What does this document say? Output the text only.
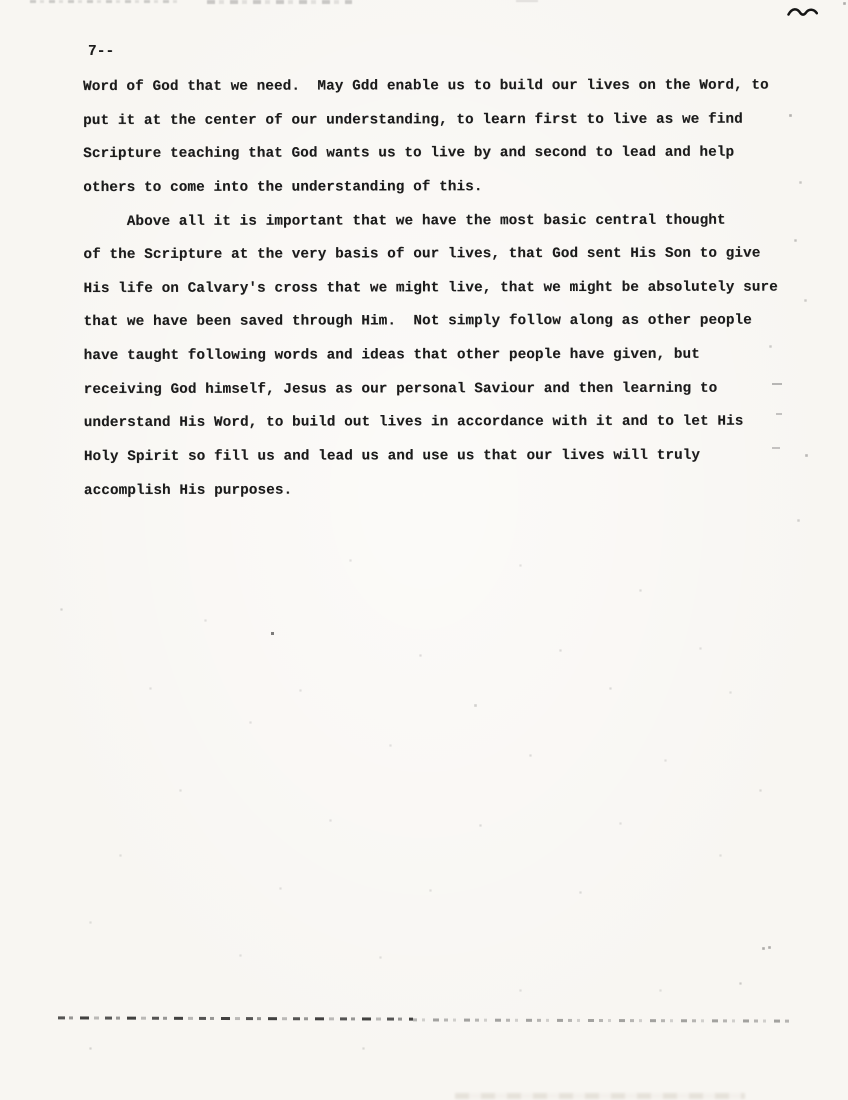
7--
Word of God that we need.  May Gdd enable us to build our lives on the Word, to
put it at the center of our understanding, to learn first to live as we find
Scripture teaching that God wants us to live by and second to lead and help
others to come into the understanding of this.
Above all it is important that we have the most basic central thought
of the Scripture at the very basis of our lives, that God sent His Son to give
His life on Calvary's cross that we might live, that we might be absolutely sure
that we have been saved through Him.  Not simply follow along as other people
have taught following words and ideas that other people have given, but
receiving God himself, Jesus as our personal Saviour and then learning to
understand His Word, to build out lives in accordance with it and to let His
Holy Spirit so fill us and lead us and use us that our lives will truly
accomplish His purposes.
